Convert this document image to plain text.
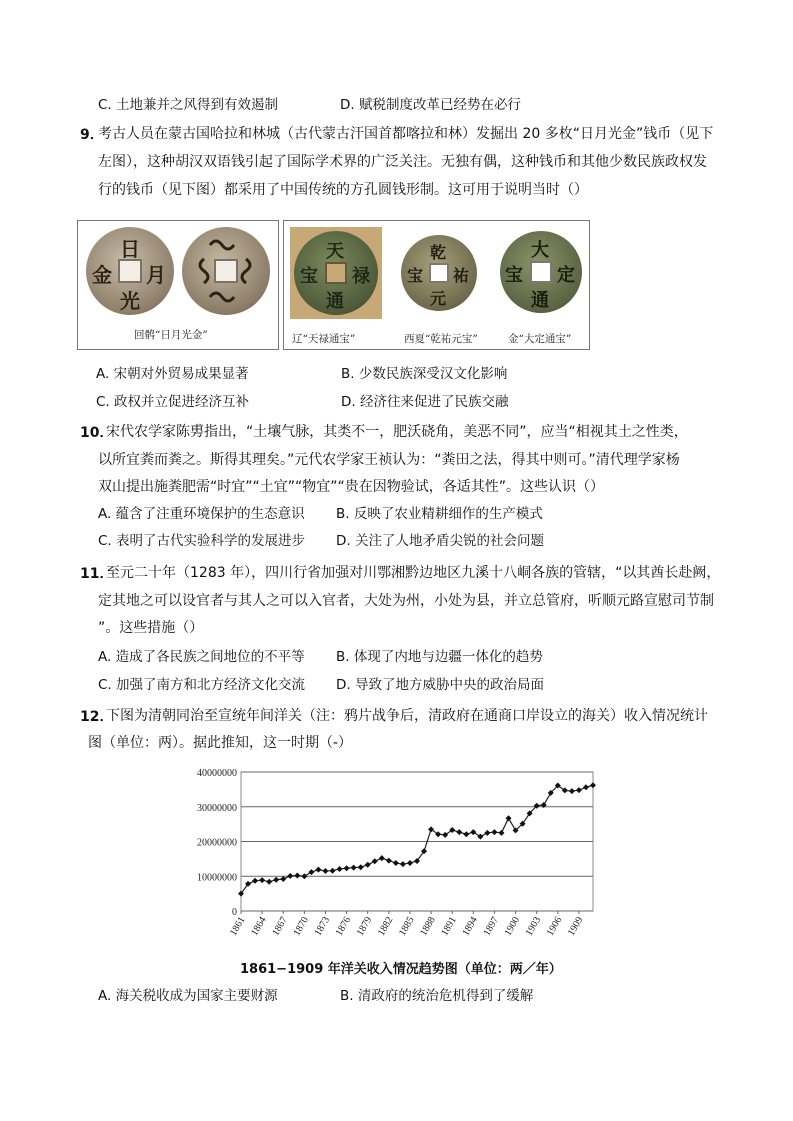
C. 土地兼并之风得到有效遏制	D. 赋税制度改革已经势在必行
9．
考古人员在蒙古国哈拉和林城（古代蒙古汗国首都喀拉和林）发掘出 20 多枚“日月光金”钱币（见下
左图），这种胡汉双语钱引起了国际学术界的广泛关注。无独有偶，这种钱币和其他少数民族政权发
行的钱币（见下图）都采用了中国传统的方孔圆钱形制。这可用于说明当时（）
日
月
光
金
回鹘“日月光金”
天
禄
通
宝
乾
祐
元
宝
大
定
通
宝
辽“天禄通宝”	西夏“乾祐元宝”	金“大定通宝”
A. 宋朝对外贸易成果显著	B. 少数民族深受汉文化影响
C. 政权并立促进经济互补	D. 经济往来促进了民族交融
10．
宋代农学家陈旉指出，“土壤气脉，其类不一，肥沃硗角，美恶不同”，应当“相视其土之性类，
以所宜粪而粪之。斯得其理矣。”元代农学家王祯认为：“粪田之法，得其中则可。”清代理学家杨
双山提出施粪肥需“时宜”“土宜”“物宜”“贵在因物验试，各适其性”。这些认识（）
A. 蕴含了注重环境保护的生态意识 B. 反映了农业精耕细作的生产模式
C. 表明了古代实验科学的发展进步 D. 关注了人地矛盾尖锐的社会问题
11．
至元二十年（1283 年），四川行省加强对川鄂湘黔边地区九溪十八峒各族的管辖，“以其酋长赴阙，
定其地之可以设官者与其人之可以入官者，大处为州，小处为县，并立总管府，听顺元路宣慰司节制
”。这些措施（）
A. 造成了各民族之间地位的不平等 B. 体现了内地与边疆一体化的趋势
C. 加强了南方和北方经济文化交流 D. 导致了地方威胁中央的政治局面
12．
下图为清朝同治至宣统年间洋关（注：鸦片战争后，清政府在通商口岸设立的海关）收入情况统计
图（单位：两）。据此推知，这一时期（-）
0
10000000
20000000
30000000
40000000
1861 1864 1867 1870 1873 1876 1879 1882 1885 1888 1891 1894 1897 1900 1903 1906 1909
1861−1909 年洋关收入情况趋势图（单位：两／年）
A. 海关税收成为国家主要财源	B. 清政府的统治危机得到了缓解
